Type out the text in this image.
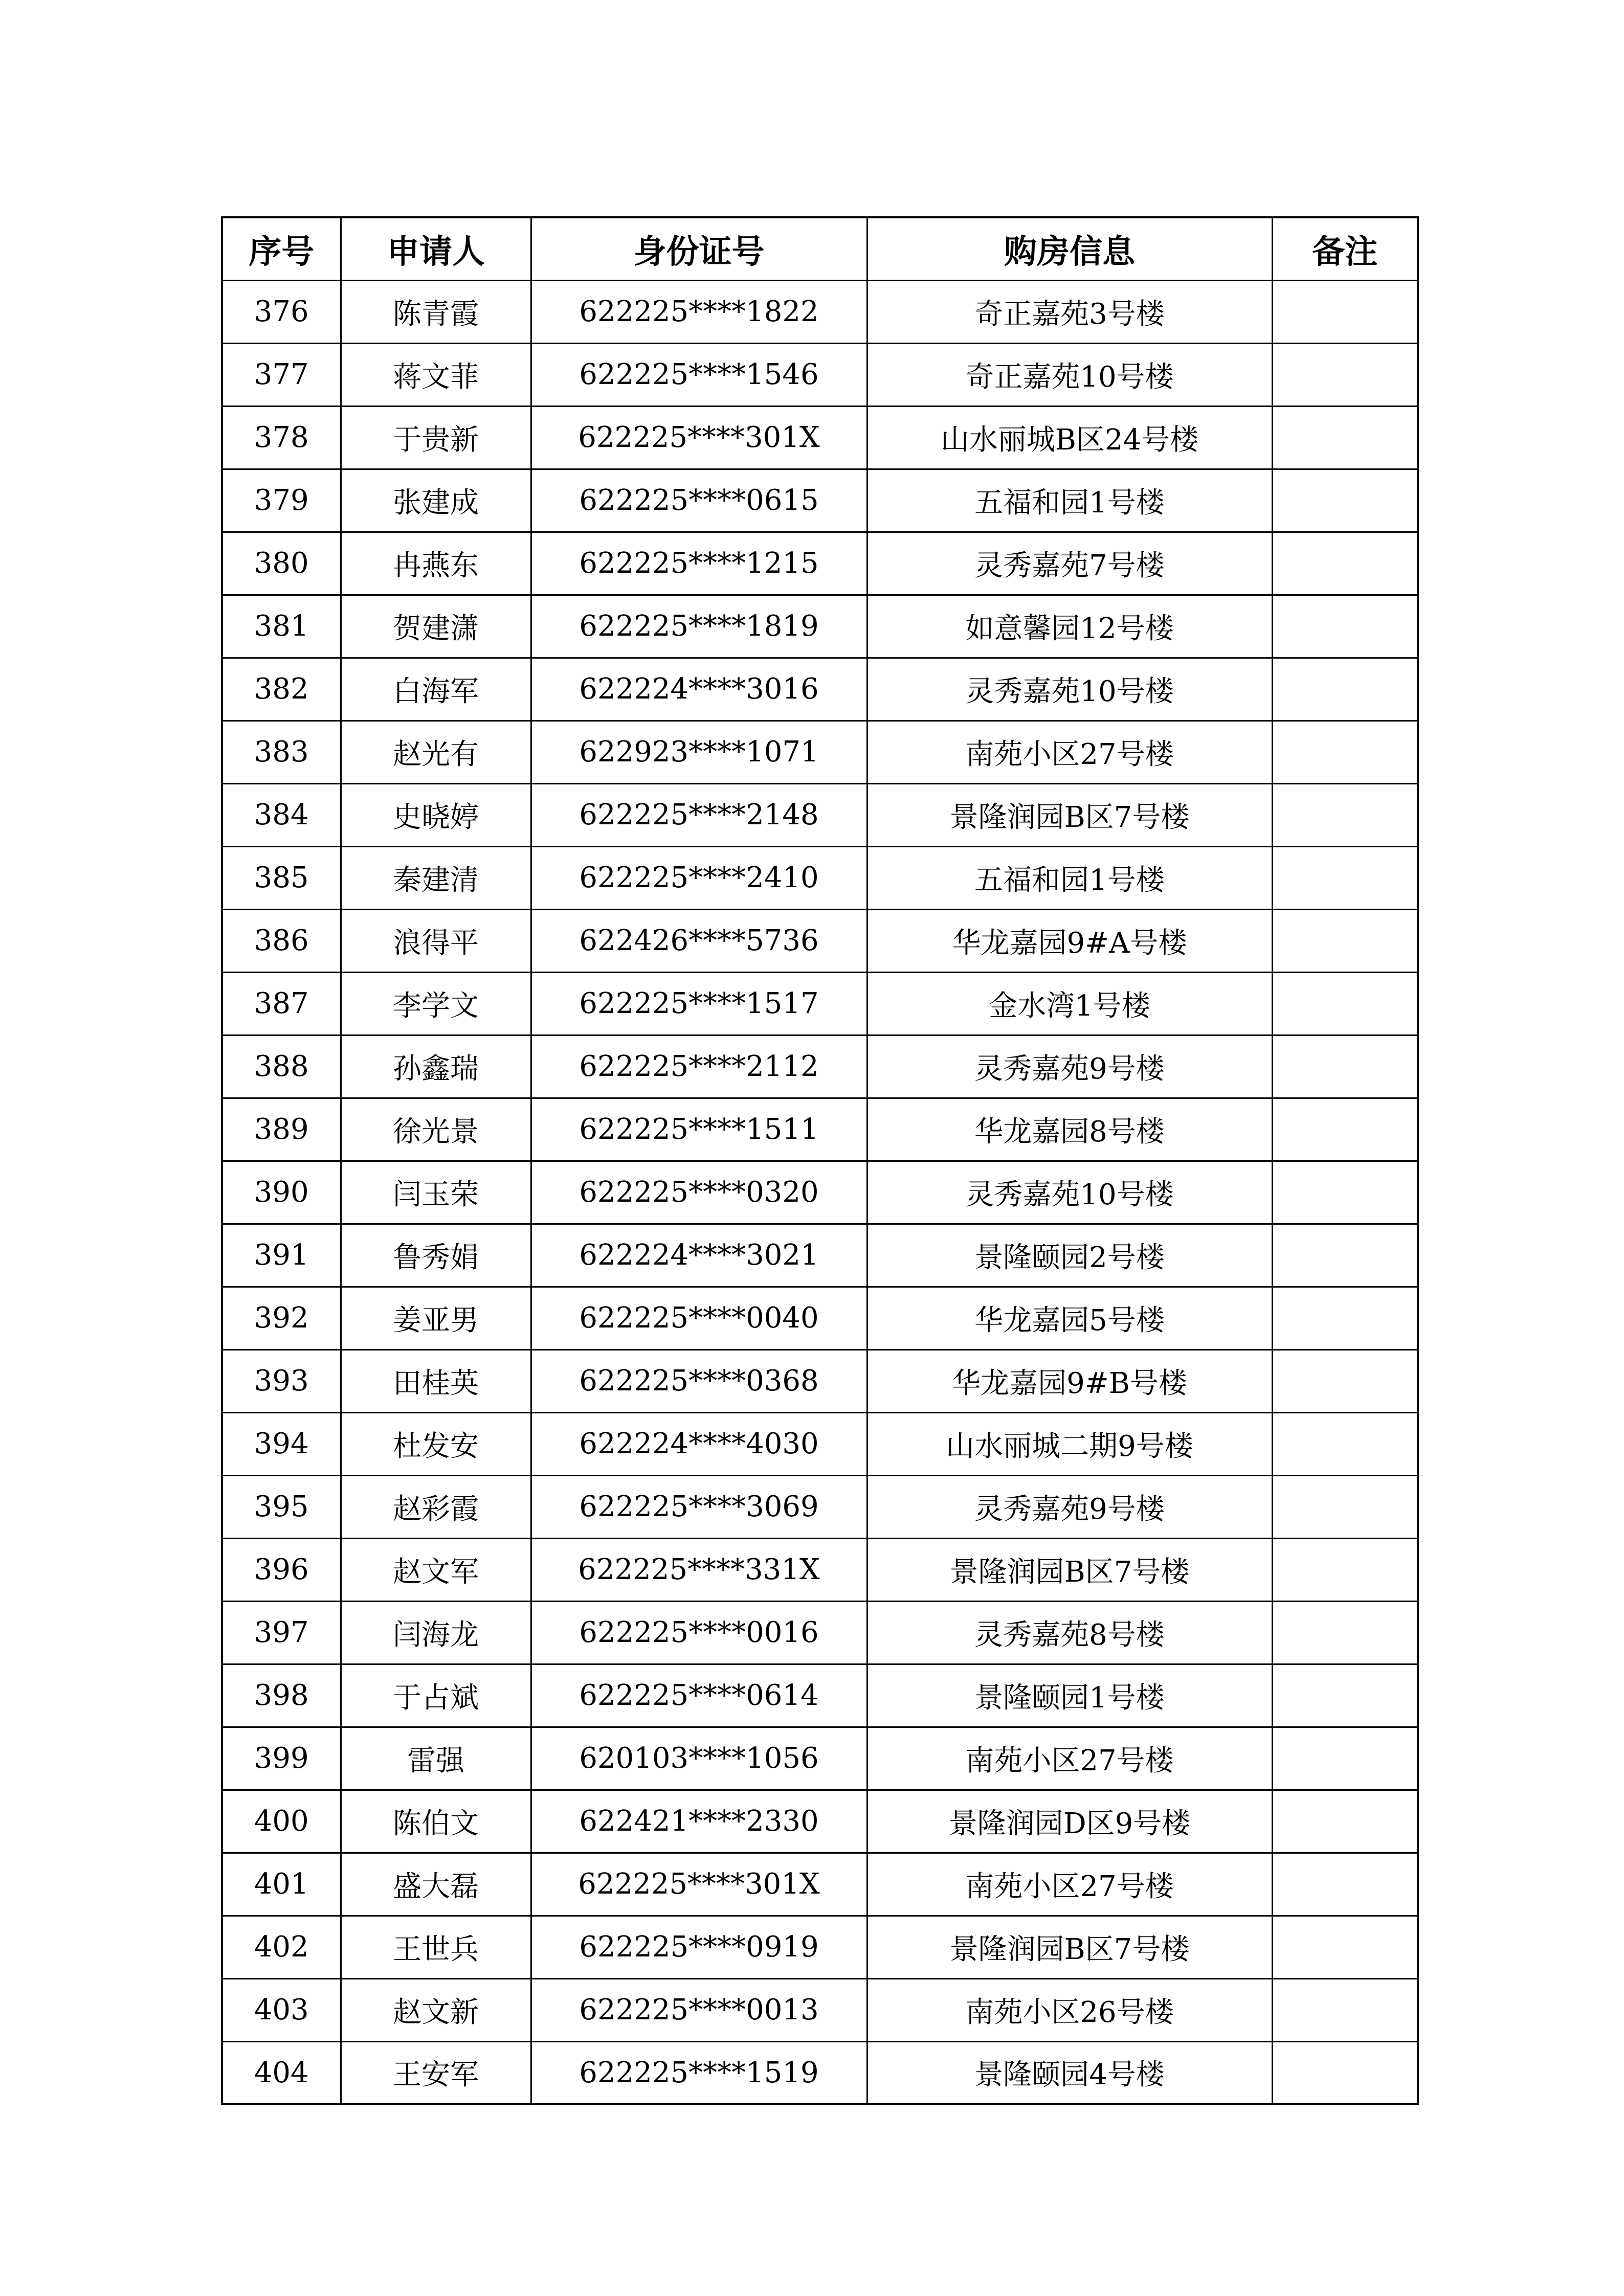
序号	申请人	身份证号	购房信息	备注
376	陈青霞	622225****1822	奇正嘉苑3号楼	
377	蒋文菲	622225****1546	奇正嘉苑10号楼	
378	于贵新	622225****301X	山水丽城B区24号楼	
379	张建成	622225****0615	五福和园1号楼	
380	冉燕东	622225****1215	灵秀嘉苑7号楼	
381	贺建潇	622225****1819	如意馨园12号楼	
382	白海军	622224****3016	灵秀嘉苑10号楼	
383	赵光有	622923****1071	南苑小区27号楼	
384	史晓婷	622225****2148	景隆润园B区7号楼	
385	秦建清	622225****2410	五福和园1号楼	
386	浪得平	622426****5736	华龙嘉园9#A号楼	
387	李学文	622225****1517	金水湾1号楼	
388	孙鑫瑞	622225****2112	灵秀嘉苑9号楼	
389	徐光景	622225****1511	华龙嘉园8号楼	
390	闫玉荣	622225****0320	灵秀嘉苑10号楼	
391	鲁秀娟	622224****3021	景隆颐园2号楼	
392	姜亚男	622225****0040	华龙嘉园5号楼	
393	田桂英	622225****0368	华龙嘉园9#B号楼	
394	杜发安	622224****4030	山水丽城二期9号楼	
395	赵彩霞	622225****3069	灵秀嘉苑9号楼	
396	赵文军	622225****331X	景隆润园B区7号楼	
397	闫海龙	622225****0016	灵秀嘉苑8号楼	
398	于占斌	622225****0614	景隆颐园1号楼	
399	雷强	620103****1056	南苑小区27号楼	
400	陈伯文	622421****2330	景隆润园D区9号楼	
401	盛大磊	622225****301X	南苑小区27号楼	
402	王世兵	622225****0919	景隆润园B区7号楼	
403	赵文新	622225****0013	南苑小区26号楼	
404	王安军	622225****1519	景隆颐园4号楼	
